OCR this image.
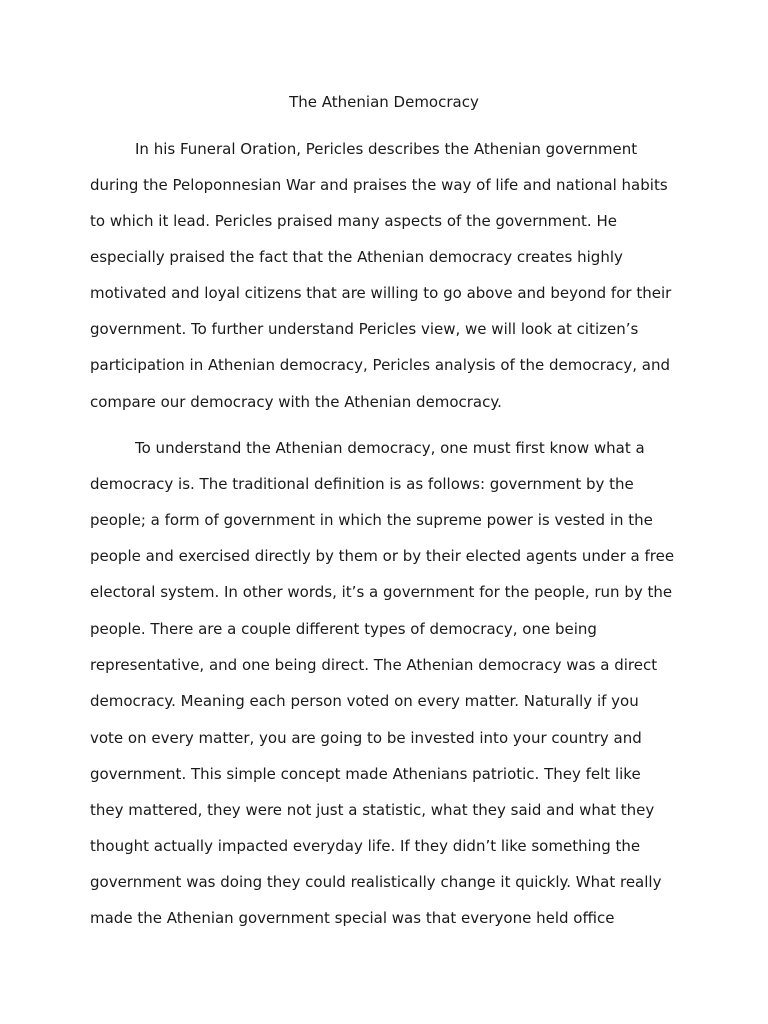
The Athenian Democracy
In his Funeral Oration, Pericles describes the Athenian government
during the Peloponnesian War and praises the way of life and national habits
to which it lead. Pericles praised many aspects of the government. He
especially praised the fact that the Athenian democracy creates highly
motivated and loyal citizens that are willing to go above and beyond for their
government. To further understand Pericles view, we will look at citizen’s
participation in Athenian democracy, Pericles analysis of the democracy, and
compare our democracy with the Athenian democracy.
To understand the Athenian democracy, one must first know what a
democracy is. The traditional definition is as follows: government by the
people; a form of government in which the supreme power is vested in the
people and exercised directly by them or by their elected agents under a free
electoral system. In other words, it’s a government for the people, run by the
people. There are a couple different types of democracy, one being
representative, and one being direct. The Athenian democracy was a direct
democracy. Meaning each person voted on every matter. Naturally if you
vote on every matter, you are going to be invested into your country and
government. This simple concept made Athenians patriotic. They felt like
they mattered, they were not just a statistic, what they said and what they
thought actually impacted everyday life. If they didn’t like something the
government was doing they could realistically change it quickly. What really
made the Athenian government special was that everyone held office
